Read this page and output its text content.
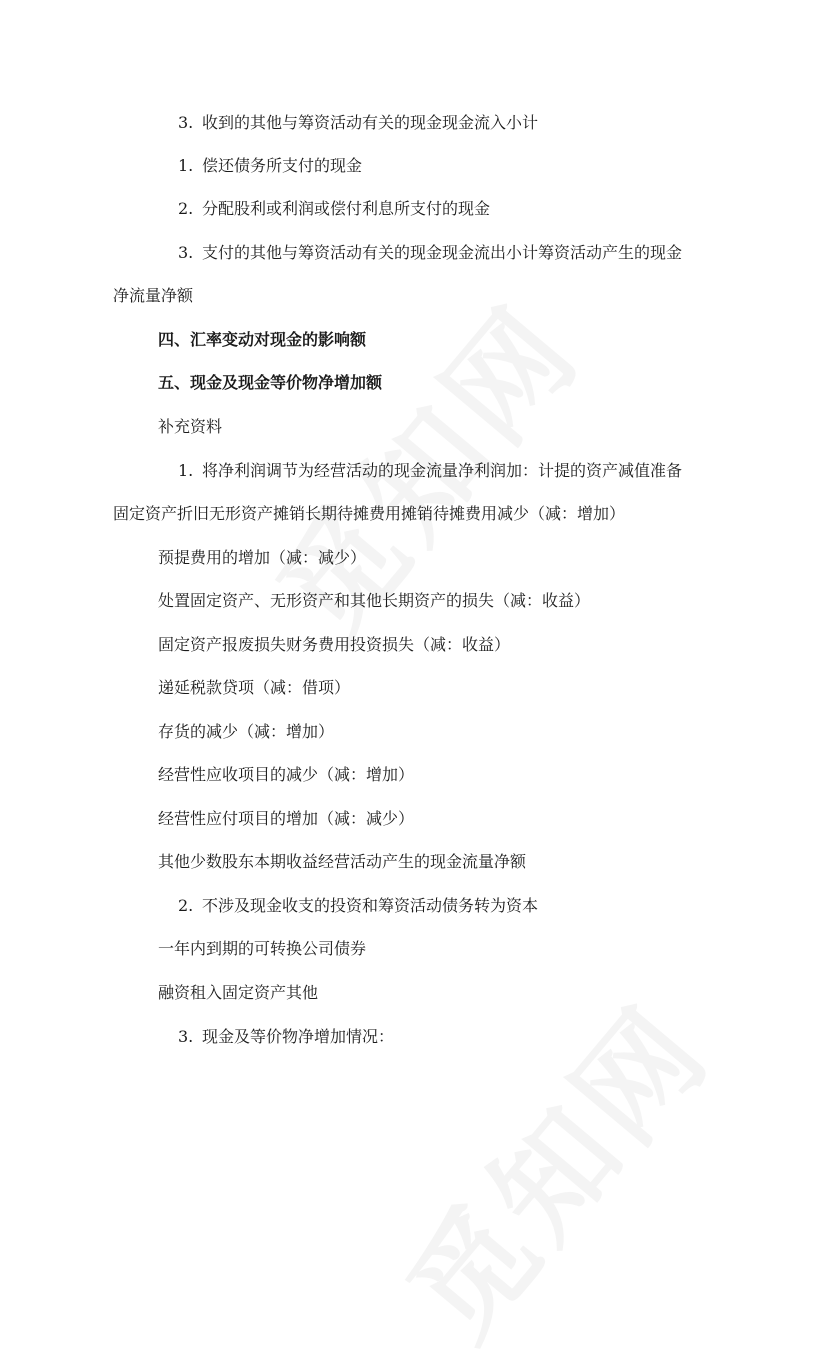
3. 收到的其他与筹资活动有关的现金现金流入小计
1. 偿还债务所支付的现金
2. 分配股利或利润或偿付利息所支付的现金
3. 支付的其他与筹资活动有关的现金现金流出小计筹资活动产生的现金
净流量净额
四、汇率变动对现金的影响额
五、现金及现金等价物净增加额
补充资料
1. 将净利润调节为经营活动的现金流量净利润加：计提的资产减值准备
固定资产折旧无形资产摊销长期待摊费用摊销待摊费用减少（减：增加）
预提费用的增加（减：减少）
处置固定资产、无形资产和其他长期资产的损失（减：收益）
固定资产报废损失财务费用投资损失（减：收益）
递延税款贷项（减：借项）
存货的减少（减：增加）
经营性应收项目的减少（减：增加）
经营性应付项目的增加（减：减少）
其他少数股东本期收益经营活动产生的现金流量净额
2. 不涉及现金收支的投资和筹资活动债务转为资本
一年内到期的可转换公司债券
融资租入固定资产其他
3. 现金及等价物净增加情况：
